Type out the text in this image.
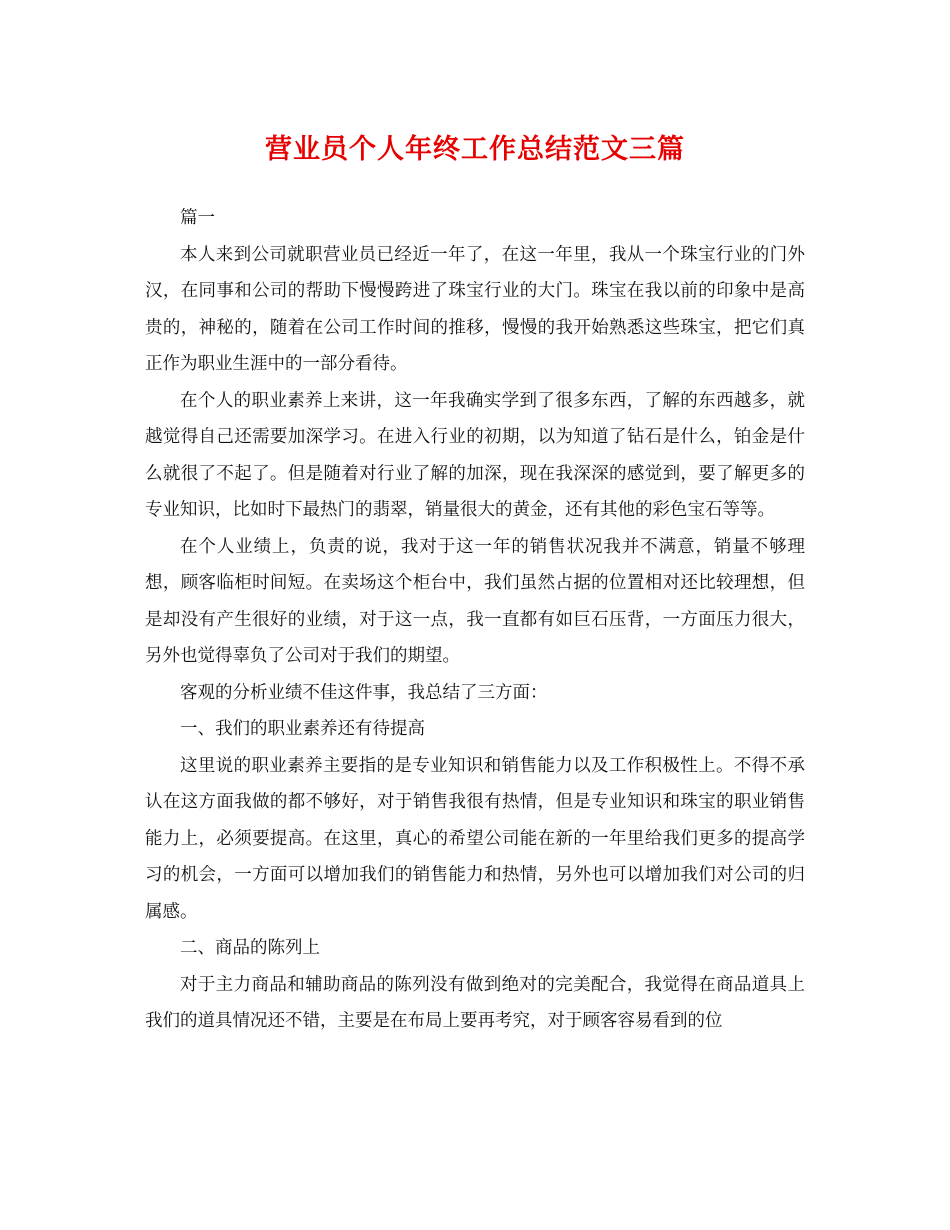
营业员个人年终工作总结范文三篇

篇一

本人来到公司就职营业员已经近一年了，在这一年里，我从一个珠宝行业的门外汉，在同事和公司的帮助下慢慢跨进了珠宝行业的大门。珠宝在我以前的印象中是高贵的，神秘的，随着在公司工作时间的推移，慢慢的我开始熟悉这些珠宝，把它们真正作为职业生涯中的一部分看待。

在个人的职业素养上来讲，这一年我确实学到了很多东西，了解的东西越多，就越觉得自己还需要加深学习。在进入行业的初期，以为知道了钻石是什么，铂金是什么就很了不起了。但是随着对行业了解的加深，现在我深深的感觉到，要了解更多的专业知识，比如时下最热门的翡翠，销量很大的黄金，还有其他的彩色宝石等等。

在个人业绩上，负责的说，我对于这一年的销售状况我并不满意，销量不够理想，顾客临柜时间短。在卖场这个柜台中，我们虽然占据的位置相对还比较理想，但是却没有产生很好的业绩，对于这一点，我一直都有如巨石压背，一方面压力很大，另外也觉得辜负了公司对于我们的期望。

客观的分析业绩不佳这件事，我总结了三方面：

一、我们的职业素养还有待提高

这里说的职业素养主要指的是专业知识和销售能力以及工作积极性上。不得不承认在这方面我做的都不够好，对于销售我很有热情，但是专业知识和珠宝的职业销售能力上，必须要提高。在这里，真心的希望公司能在新的一年里给我们更多的提高学习的机会，一方面可以增加我们的销售能力和热情，另外也可以增加我们对公司的归属感。

二、商品的陈列上

对于主力商品和辅助商品的陈列没有做到绝对的完美配合，我觉得在商品道具上我们的道具情况还不错，主要是在布局上要再考究，对于顾客容易看到的位
